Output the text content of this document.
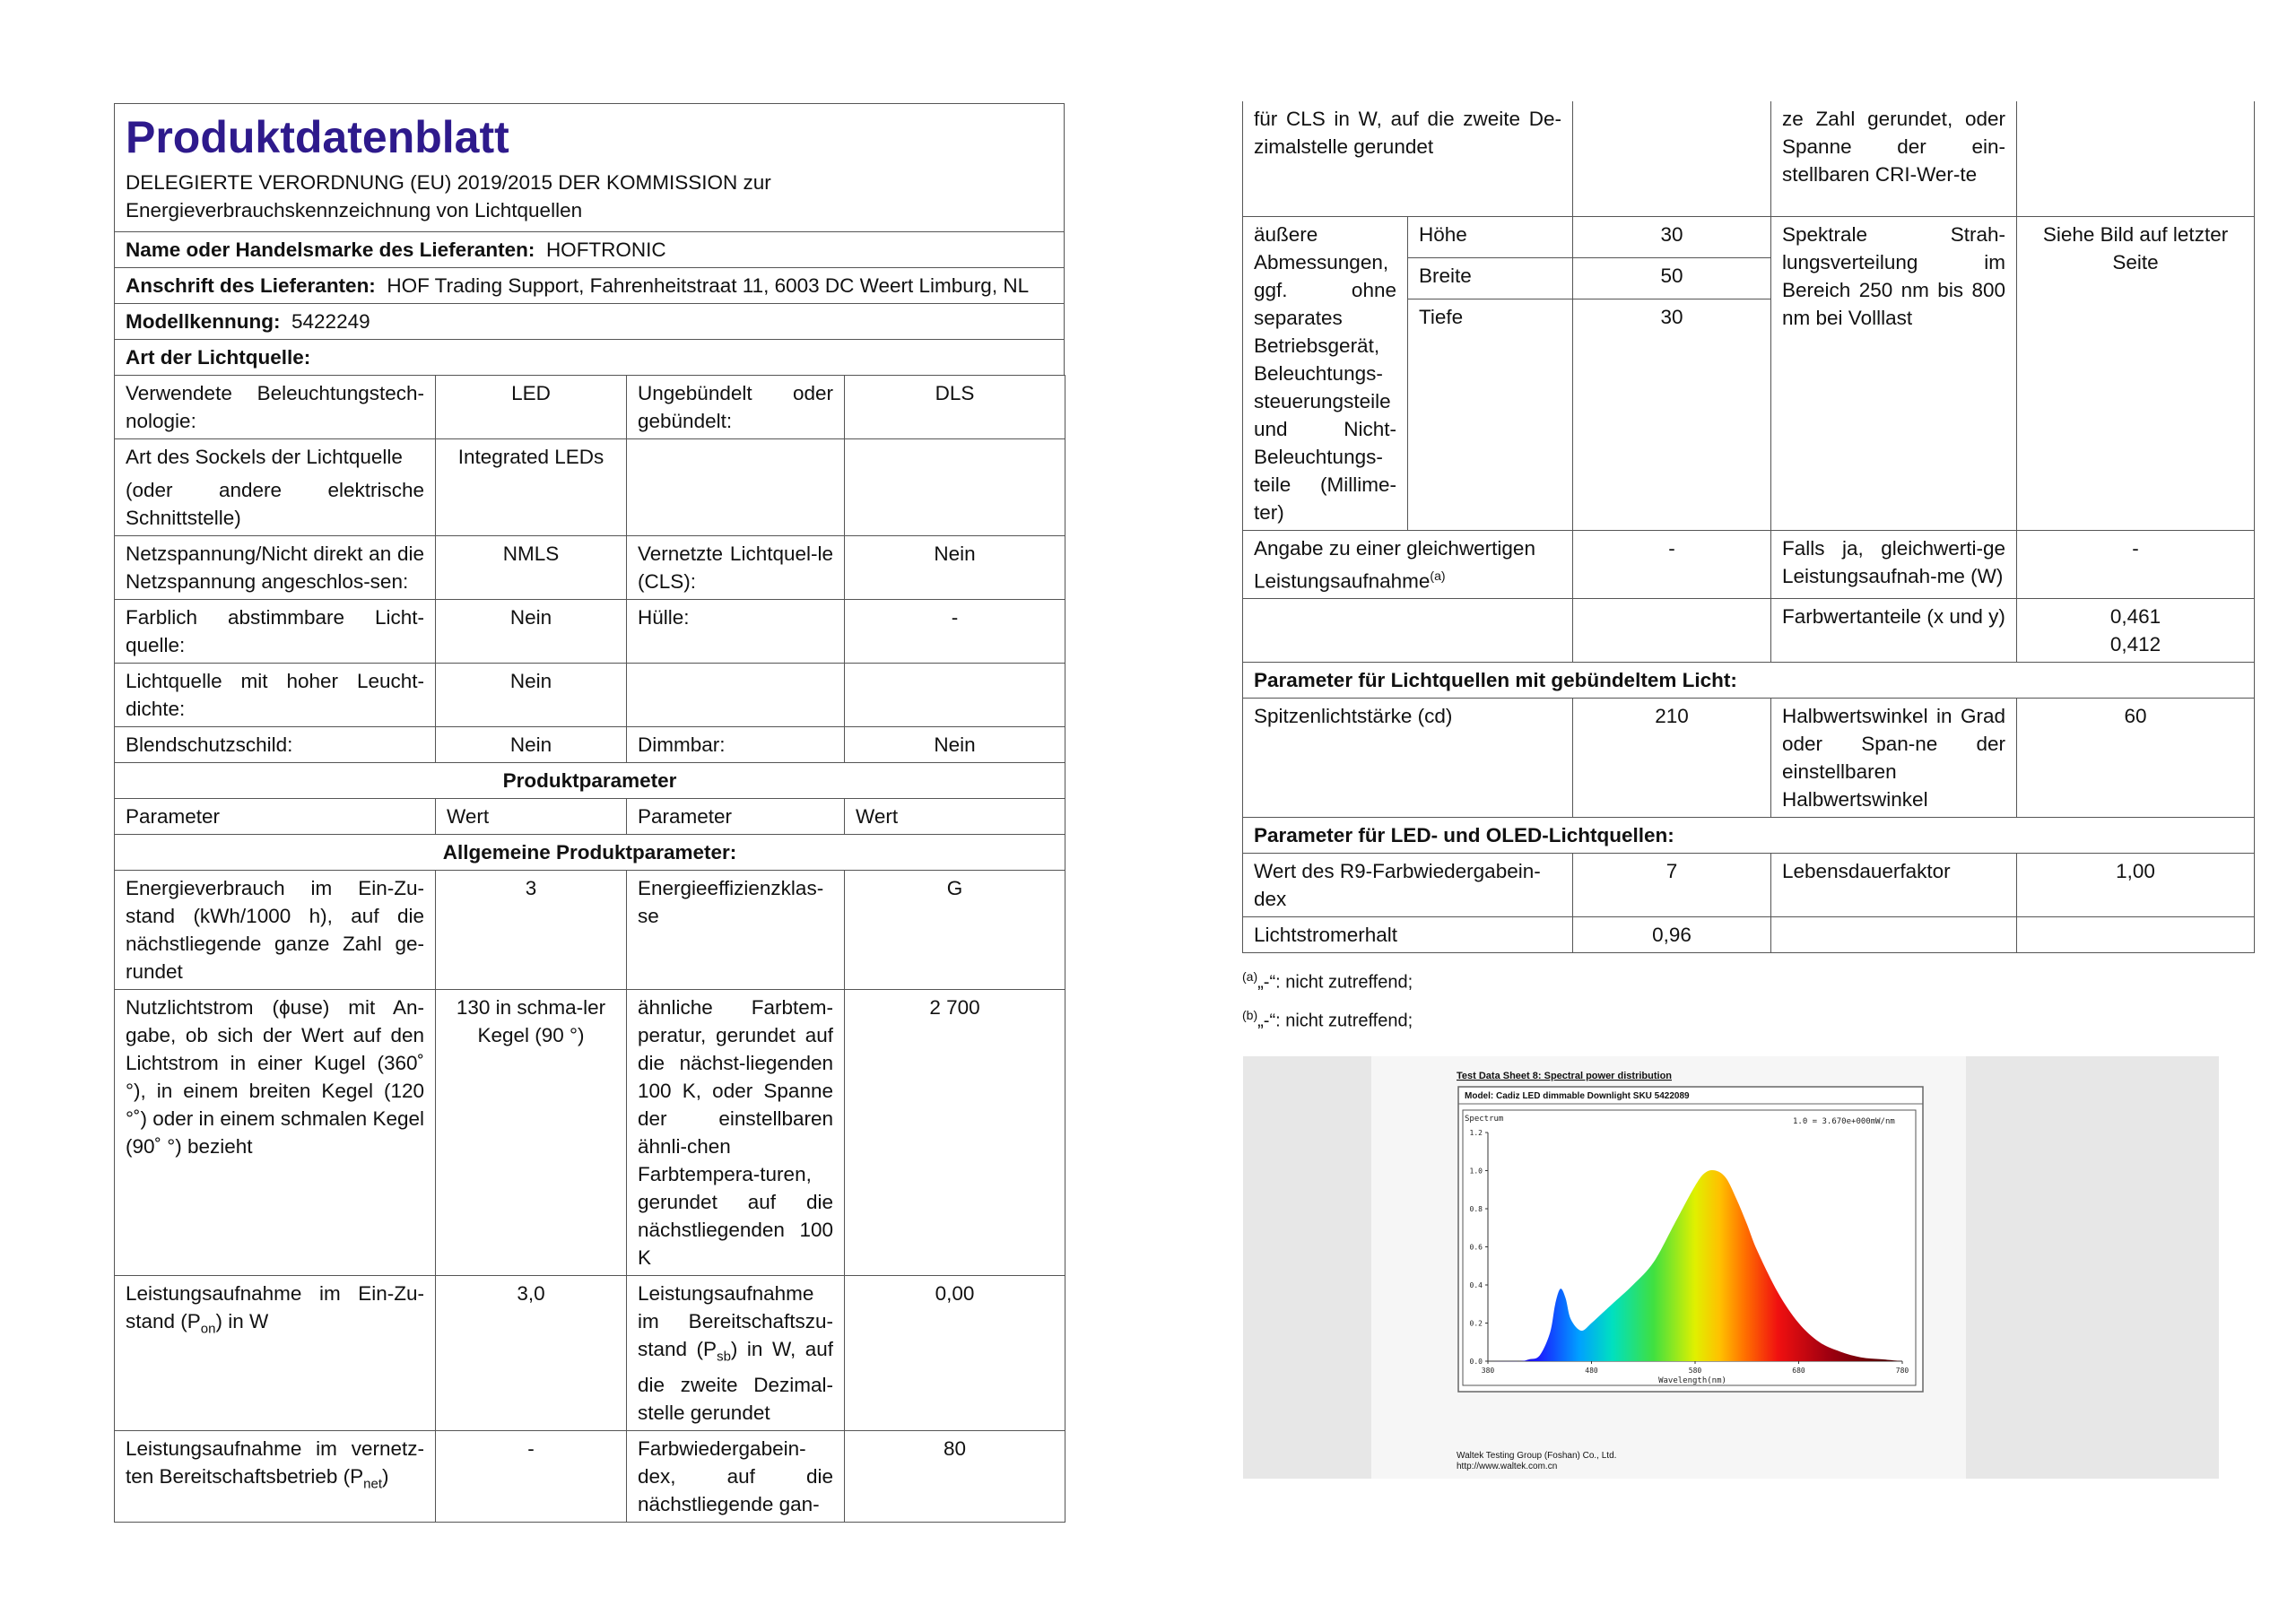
Produktdatenblatt
DELEGIERTE VERORDNUNG (EU) 2019/2015 DER KOMMISSION zur Energieverbrauchskennzeichnung von Lichtquellen

Name oder Handelsmarke des Lieferanten: HOFTRONIC
Anschrift des Lieferanten: HOF Trading Support, Fahrenheitstraat 11, 6003 DC Weert Limburg, NL
Modellkennung: 5422249
Art der Lichtquelle:
Verwendete Beleuchtungstech-nologie:	LED	Ungebündelt oder gebündelt:	DLS

Art des Sockels der Lichtquelle
(oder andere elektrische Schnittstelle)	Integrated LEDs		
Netzspannung/Nicht direkt an die Netzspannung angeschlos-sen:	NMLS	Vernetzte Lichtquel-le (CLS):	Nein
Farblich abstimmbare Licht-quelle:	Nein	Hülle:	-
Lichtquelle mit hoher Leucht-dichte:	Nein		
Blendschutzschild:	Nein	Dimmbar:	Nein
Produktparameter			
Parameter	Wert	Parameter	Wert
Allgemeine Produktparameter:			
Energieverbrauch im Ein-Zu-stand (kWh/1000 h), auf die nächstliegende ganze Zahl ge-rundet	3	Energieeffizienzklas-se	G
Nutzlichtstrom (ϕuse) mit An-gabe, ob sich der Wert auf den Lichtstrom in einer Kugel (360˚ °), in einem breiten Kegel (120 °˚) oder in einem schmalen Kegel (90˚ °) bezieht	130 in schma-ler Kegel (90 °)	ähnliche Farbtem-peratur, gerundet auf die nächst-liegenden 100 K, oder Spanne der einstellbaren ähnli-chen Farbtempera-turen, gerundet auf die nächstliegenden 100 K	2 700
Leistungsaufnahme im Ein-Zu-stand $(P_{on})$ in W	3,0	Leistungsaufnahme im Bereitschaftszu-stand $(P_{sb})$ in W, auf die zweite Dezimal-stelle gerundet	0,00
Leistungsaufnahme im vernetz-ten Bereitschaftsbetrieb $(P_{net})$	-	Farbwiedergabein-dex, auf die nächstliegende gan-	80
für CLS in W, auf die zweite De-zimalstelle gerundet			ze Zahl gerundet, oder Spanne der ein-stellbaren CRI-Wer-te	
äußere Abmessungen, ggf. ohne separates Betriebsgerät, Beleuchtungs-steuerungsteile und Nicht-Beleuchtungs-teile (Millime-ter)	Höhe	30	Spektrale Strah-lungsverteilung im Bereich 250 nm bis 800 nm bei Volllast	Siehe Bild auf letzter Seite
	Breite	50		
	Tiefe	30		
Angabe zu einer gleichwertigen Leistungsaufnahme$^{(a)}$		-	Falls ja, gleichwerti-ge Leistungsaufnah-me (W)	-
			Farbwertanteile (x und y)	0,461
0,412

Parameter für Lichtquellen mit gebündeltem Licht:				
Spitzenlichtstärke (cd)		210	Halbwertswinkel in Grad oder Span-ne der einstellbaren Halbwertswinkel	60
Parameter für LED- und OLED-Lichtquellen:				
Wert des R9-Farbwiedergabein-dex		7	Lebensdauerfaktor	1,00
Lichtstromerhalt		0,96		
$^{(a)}$„-“: nicht zutreffend;
$^{(b)}$„-“: nicht zutreffend;
Test Data Sheet 8: Spectral power distribution
Model: Cadiz LED dimmable Downlight SKU 5422089
Spectrum	1.0 = 3.670e+000mW/nm
Wavelength(nm)
0.0
0.2
0.4
0.6
0.8
1.0
1.2
380	480	580	680	780
Waltek Testing Group (Foshan) Co., Ltd.
http://www.waltek.com.cn
